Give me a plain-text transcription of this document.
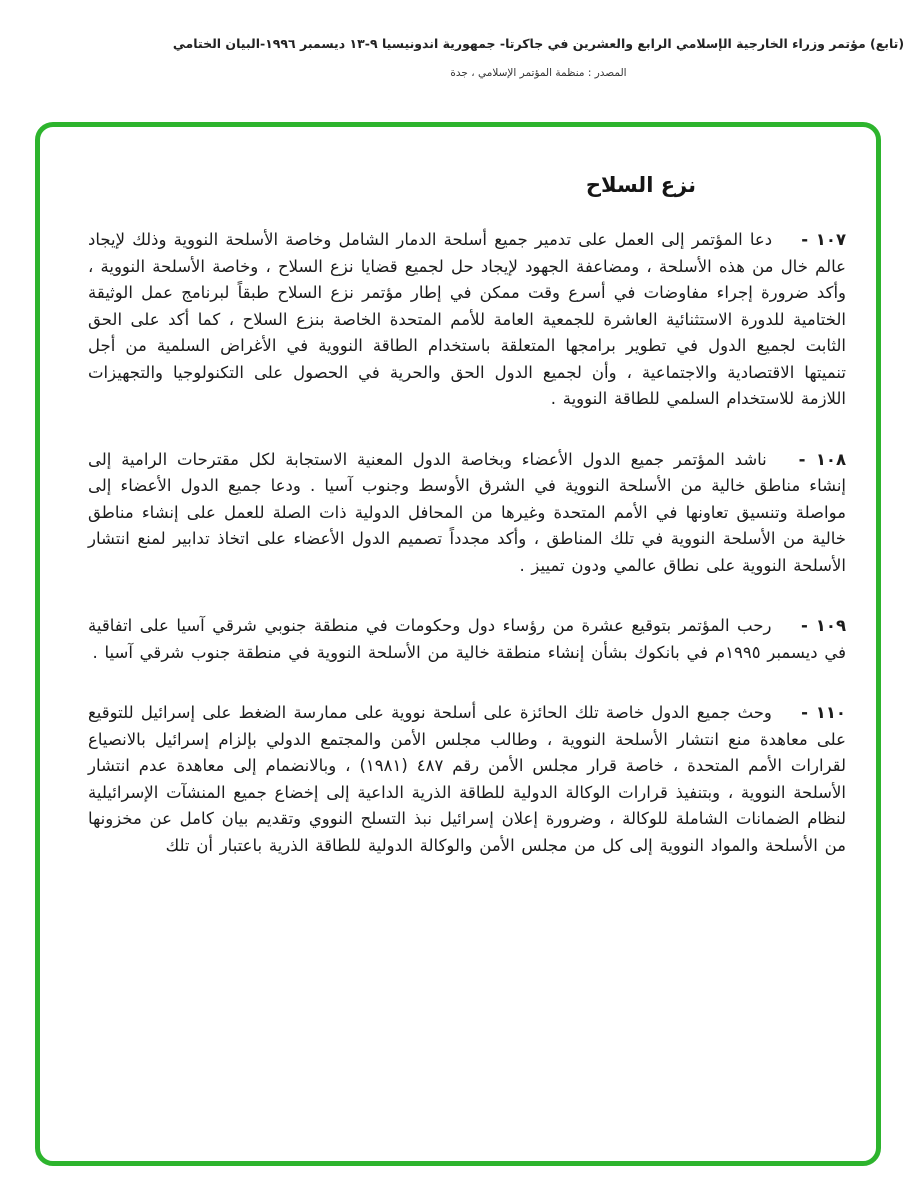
(تابع) مؤتمر وزراء الخارجية الإسلامي الرابع والعشرين في جاكرتا- جمهورية اندونيسيا ٩-١٣ ديسمبر ١٩٩٦-البيان الختامي
المصدر : منظمة المؤتمر الإسلامي ، جدة
نزع السلاح

١٠٧ - دعا المؤتمر إلى العمل على تدمير جميع أسلحة الدمار الشامل وخاصة الأسلحة النووية وذلك لإيجاد عالم خال من هذه الأسلحة ، ومضاعفة الجهود لإيجاد حل لجميع قضايا نزع السلاح ، وخاصة الأسلحة النووية ، وأكد ضرورة إجراء مفاوضات في أسرع وقت ممكن في إطار مؤتمر نزع السلاح طبقاً لبرنامج عمل الوثيقة الختامية للدورة الاستثنائية العاشرة للجمعية العامة للأمم المتحدة الخاصة بنزع السلاح ، كما أكد على الحق الثابت لجميع الدول في تطوير برامجها المتعلقة باستخدام الطاقة النووية في الأغراض السلمية من أجل تنميتها الاقتصادية والاجتماعية ، وأن لجميع الدول الحق والحرية في الحصول على التكنولوجيا والتجهيزات اللازمة للاستخدام السلمي للطاقة النووية .

١٠٨ - ناشد المؤتمر جميع الدول الأعضاء وبخاصة الدول المعنية الاستجابة لكل مقترحات الرامية إلى إنشاء مناطق خالية من الأسلحة النووية في الشرق الأوسط وجنوب آسيا . ودعا جميع الدول الأعضاء إلى مواصلة وتنسيق تعاونها في الأمم المتحدة وغيرها من المحافل الدولية ذات الصلة للعمل على إنشاء مناطق خالية من الأسلحة النووية في تلك المناطق ، وأكد مجدداً تصميم الدول الأعضاء على اتخاذ تدابير لمنع انتشار الأسلحة النووية على نطاق عالمي ودون تمييز .

١٠٩ - رحب المؤتمر بتوقيع عشرة من رؤساء دول وحكومات في منطقة جنوبي شرقي آسيا على اتفاقية في ديسمبر ١٩٩٥م في بانكوك بشأن إنشاء منطقة خالية من الأسلحة النووية في منطقة جنوب شرقي آسيا .

١١٠ - وحث جميع الدول خاصة تلك الحائزة على أسلحة نووية على ممارسة الضغط على إسرائيل للتوقيع على معاهدة منع انتشار الأسلحة النووية ، وطالب مجلس الأمن والمجتمع الدولي بإلزام إسرائيل بالانصياع لقرارات الأمم المتحدة ، خاصة قرار مجلس الأمن رقم ٤٨٧ (١٩٨١) ، وبالانضمام إلى معاهدة عدم انتشار الأسلحة النووية ، وبتنفيذ قرارات الوكالة الدولية للطاقة الذرية الداعية إلى إخضاع جميع المنشآت الإسرائيلية لنظام الضمانات الشاملة للوكالة ، وضرورة إعلان إسرائيل نبذ التسلح النووي وتقديم بيان كامل عن مخزونها من الأسلحة والمواد النووية إلى كل من مجلس الأمن والوكالة الدولية للطاقة الذرية باعتبار أن تلك
